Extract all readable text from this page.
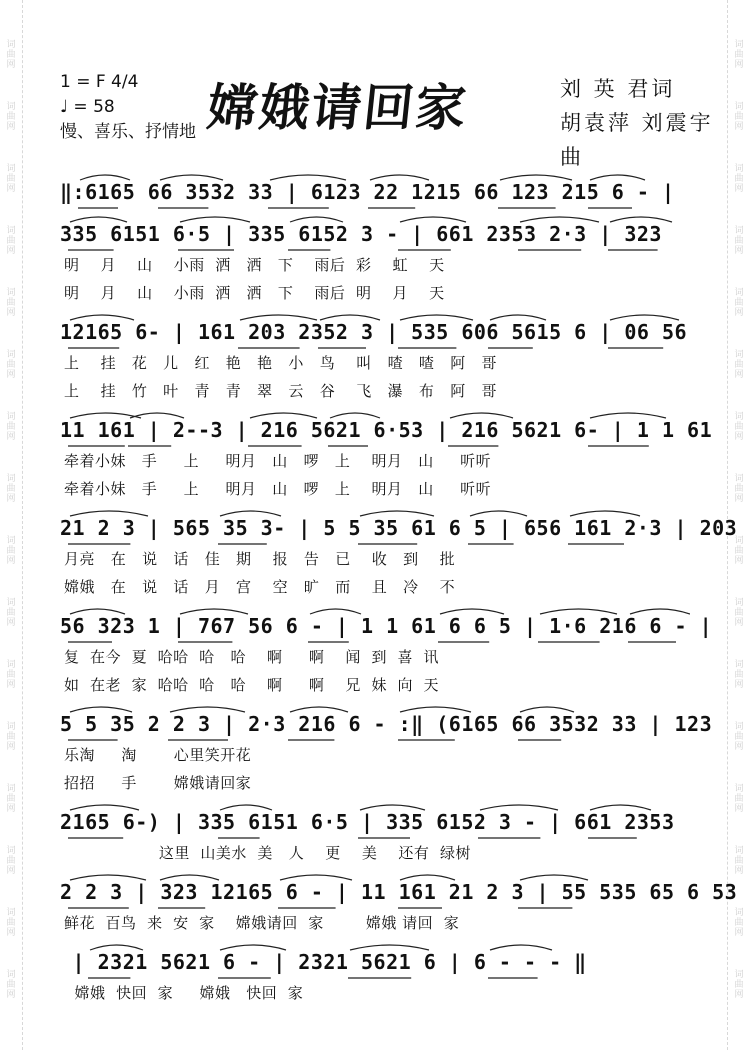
词
曲
网
词
曲
网
词
曲
网
词
曲
网
词
曲
网
词
曲
网
词
曲
网
词
曲
网
词
曲
网
词
曲
网
词
曲
网
词
曲
网
词
曲
网
词
曲
网
词
曲
网
词
曲
网
词
曲
网
词
曲
网
词
曲
网
词
曲
网
词
曲
网
词
曲
网
词
曲
网
词
曲
网
词
曲
网
词
曲
网
词
曲
网
词
曲
网
词
曲
网
词
曲
网
词
曲
网
词
曲
网
1 = F 4/4
♩ = 58
慢、喜乐、抒情地 嫦娥请回家	刘 英 君词
胡袁萍 刘震宇 曲
‖:6165 66 3532 33 | 6123 22 1215 66 123 215 6 - |
335 6151 6·5 | 335 6152 3 - | 661 2353 2·3 | 323
明    月    山    小雨  洒   洒   下    雨后  彩    虹    天
明    月    山    小雨  洒   洒   下    雨后  明    月    天
12165 6- | 161 203 2352 3 | 535 606 5615 6 | 06 56
上    挂   花   儿   红   艳   艳   小   鸟    叫   喳   喳   阿   哥
上    挂   竹   叶   青   青   翠   云   谷    飞   瀑   布   阿   哥
11 161 | 2--3 | 216 5621 6·53 | 216 5621 6- | 1 1 61
牵着小妹   手     上     明月   山   啰   上    明月   山     听听
牵着小妹   手     上     明月   山   啰   上    明月   山     听听
21 2 3 | 565 35 3- | 5 5 35 61 6 5 | 656 161 2·3 | 203
月亮   在   说   话   佳   期    报   告   已    收   到    批
嫦娥   在   说   话   月   宫    空   旷   而    且   冷    不
56 323 1 | 767 56 6 - | 1 1 61 6 6 5 | 1·6 216 6 - |
复  在今  夏  哈哈  哈   哈    啊     啊    闻  到  喜  讯
如  在老  家  哈哈  哈   哈    啊     啊    兄  妹  向  天
5 5 35 2 2 3 | 2·3 216 6 - :‖ (6165 66 3532 33 | 123
乐淘     淘       心里笑开花
招招     手       嫦娥请回家
2165 6-) | 335 6151 6·5 | 335 6152 3 - | 661 2353
这里  山美水  美   人    更    美    还有  绿树
2 2 3 | 323 12165 6 - | 11 161 21 2 3 | 55 535 65 6 53
鲜花  百鸟  来  安  家    嫦娥请回  家        嫦娥 请回  家
| 2321 5621 6 - | 2321 5621 6 | 6 - - - ‖
嫦娥  快回  家     嫦娥   快回  家
